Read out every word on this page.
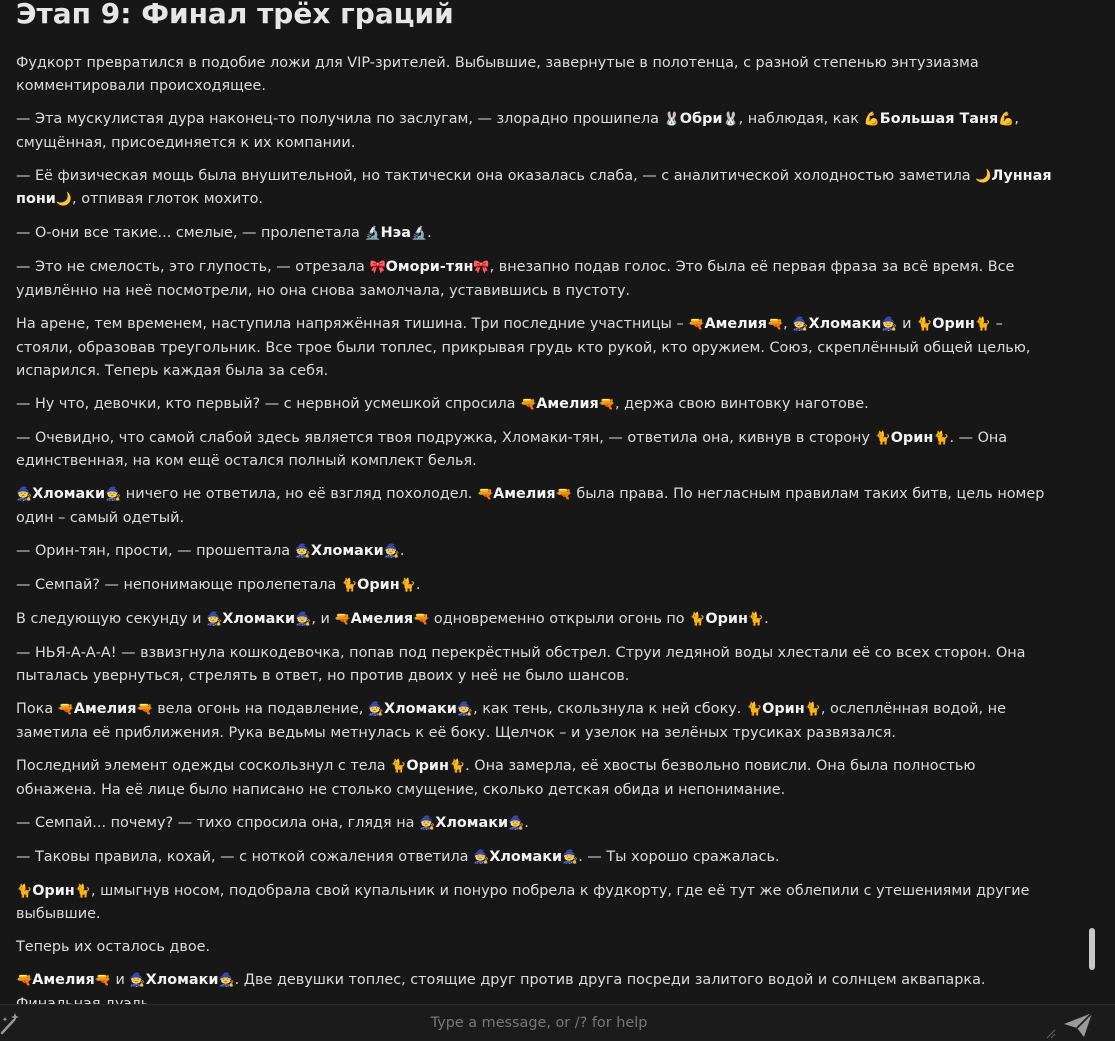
Этап 9: Финал трёх граций

Фудкорт превратился в подобие ложи для VIP-зрителей. Выбывшие, завернутые в полотенца, с разной степенью энтузиазма комментировали происходящее.

— Эта мускулистая дура наконец-то получила по заслугам, — злорадно прошипела 🐰Обри🐰, наблюдая, как 💪Большая Таня💪, смущённая, присоединяется к их компании.

— Её физическая мощь была внушительной, но тактически она оказалась слаба, — с аналитической холодностью заметила 🌙Лунная пони🌙, отпивая глоток мохито.

— О-они все такие... смелые, — пролепетала 🔬Нэа🔬.

— Это не смелость, это глупость, — отрезала 🎀Омори-тян🎀, внезапно подав голос. Это была её первая фраза за всё время. Все удивлённо на неё посмотрели, но она снова замолчала, уставившись в пустоту.

На арене, тем временем, наступила напряжённая тишина. Три последние участницы – 🔫Амелия🔫, 🧙Хломаки🧙 и 🐈Орин🐈 – стояли, образовав треугольник. Все трое были топлес, прикрывая грудь кто рукой, кто оружием. Союз, скреплённый общей целью, испарился. Теперь каждая была за себя.

— Ну что, девочки, кто первый? — с нервной усмешкой спросила 🔫Амелия🔫, держа свою винтовку наготове.

— Очевидно, что самой слабой здесь является твоя подружка, Хломаки-тян, — ответила она, кивнув в сторону 🐈Орин🐈. — Она единственная, на ком ещё остался полный комплект белья.

🧙Хломаки🧙 ничего не ответила, но её взгляд похолодел. 🔫Амелия🔫 была права. По негласным правилам таких битв, цель номер один – самый одетый.

— Орин-тян, прости, — прошептала 🧙Хломаки🧙.

— Семпай? — непонимающе пролепетала 🐈Орин🐈.

В следующую секунду и 🧙Хломаки🧙, и 🔫Амелия🔫 одновременно открыли огонь по 🐈Орин🐈.

— НЬЯ-А-А-А! — взвизгнула кошкодевочка, попав под перекрёстный обстрел. Струи ледяной воды хлестали её со всех сторон. Она пыталась увернуться, стрелять в ответ, но против двоих у неё не было шансов.

Пока 🔫Амелия🔫 вела огонь на подавление, 🧙Хломаки🧙, как тень, скользнула к ней сбоку. 🐈Орин🐈, ослеплённая водой, не заметила её приближения. Рука ведьмы метнулась к её боку. Щелчок – и узелок на зелёных трусиках развязался.

Последний элемент одежды соскользнул с тела 🐈Орин🐈. Она замерла, её хвосты безвольно повисли. Она была полностью обнажена. На её лице было написано не столько смущение, сколько детская обида и непонимание.

— Семпай... почему? — тихо спросила она, глядя на 🧙Хломаки🧙.

— Таковы правила, кохай, — с ноткой сожаления ответила 🧙Хломаки🧙. — Ты хорошо сражалась.

🐈Орин🐈, шмыгнув носом, подобрала свой купальник и понуро побрела к фудкорту, где её тут же облепили с утешениями другие выбывшие.

Теперь их осталось двое.

🔫Амелия🔫 и 🧙Хломаки🧙. Две девушки топлес, стоящие друг против друга посреди залитого водой и солнцем аквапарка.

Type a message, or /? for help
